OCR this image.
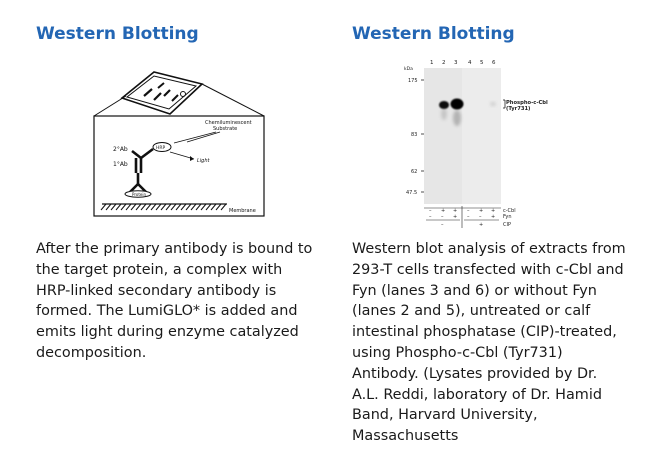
Western Blotting
Chemiluminescent
Substrate
HRP
Light
2°Ab
1°Ab
Protein
Membrane
After the primary antibody is bound to
the target protein, a complex with
HRP-linked secondary antibody is
formed. The LumiGLO* is added and
emits light during enzyme catalyzed
decomposition.
Western Blotting
1 2 3 4 5 6
kDa
175
83
62
47.5
Phospho-c-Cbl
(Tyr731)
– + + – + + c-Cbl
– – + – – + Fyn
–	+	CIP
Western blot analysis of extracts from
293-T cells transfected with c-Cbl and
Fyn (lanes 3 and 6) or without Fyn
(lanes 2 and 5), untreated or calf
intestinal phosphatase (CIP)-treated,
using Phospho-c-Cbl (Tyr731)
Antibody. (Lysates provided by Dr.
A.L. Reddi, laboratory of Dr. Hamid
Band, Harvard University,
Massachusetts
